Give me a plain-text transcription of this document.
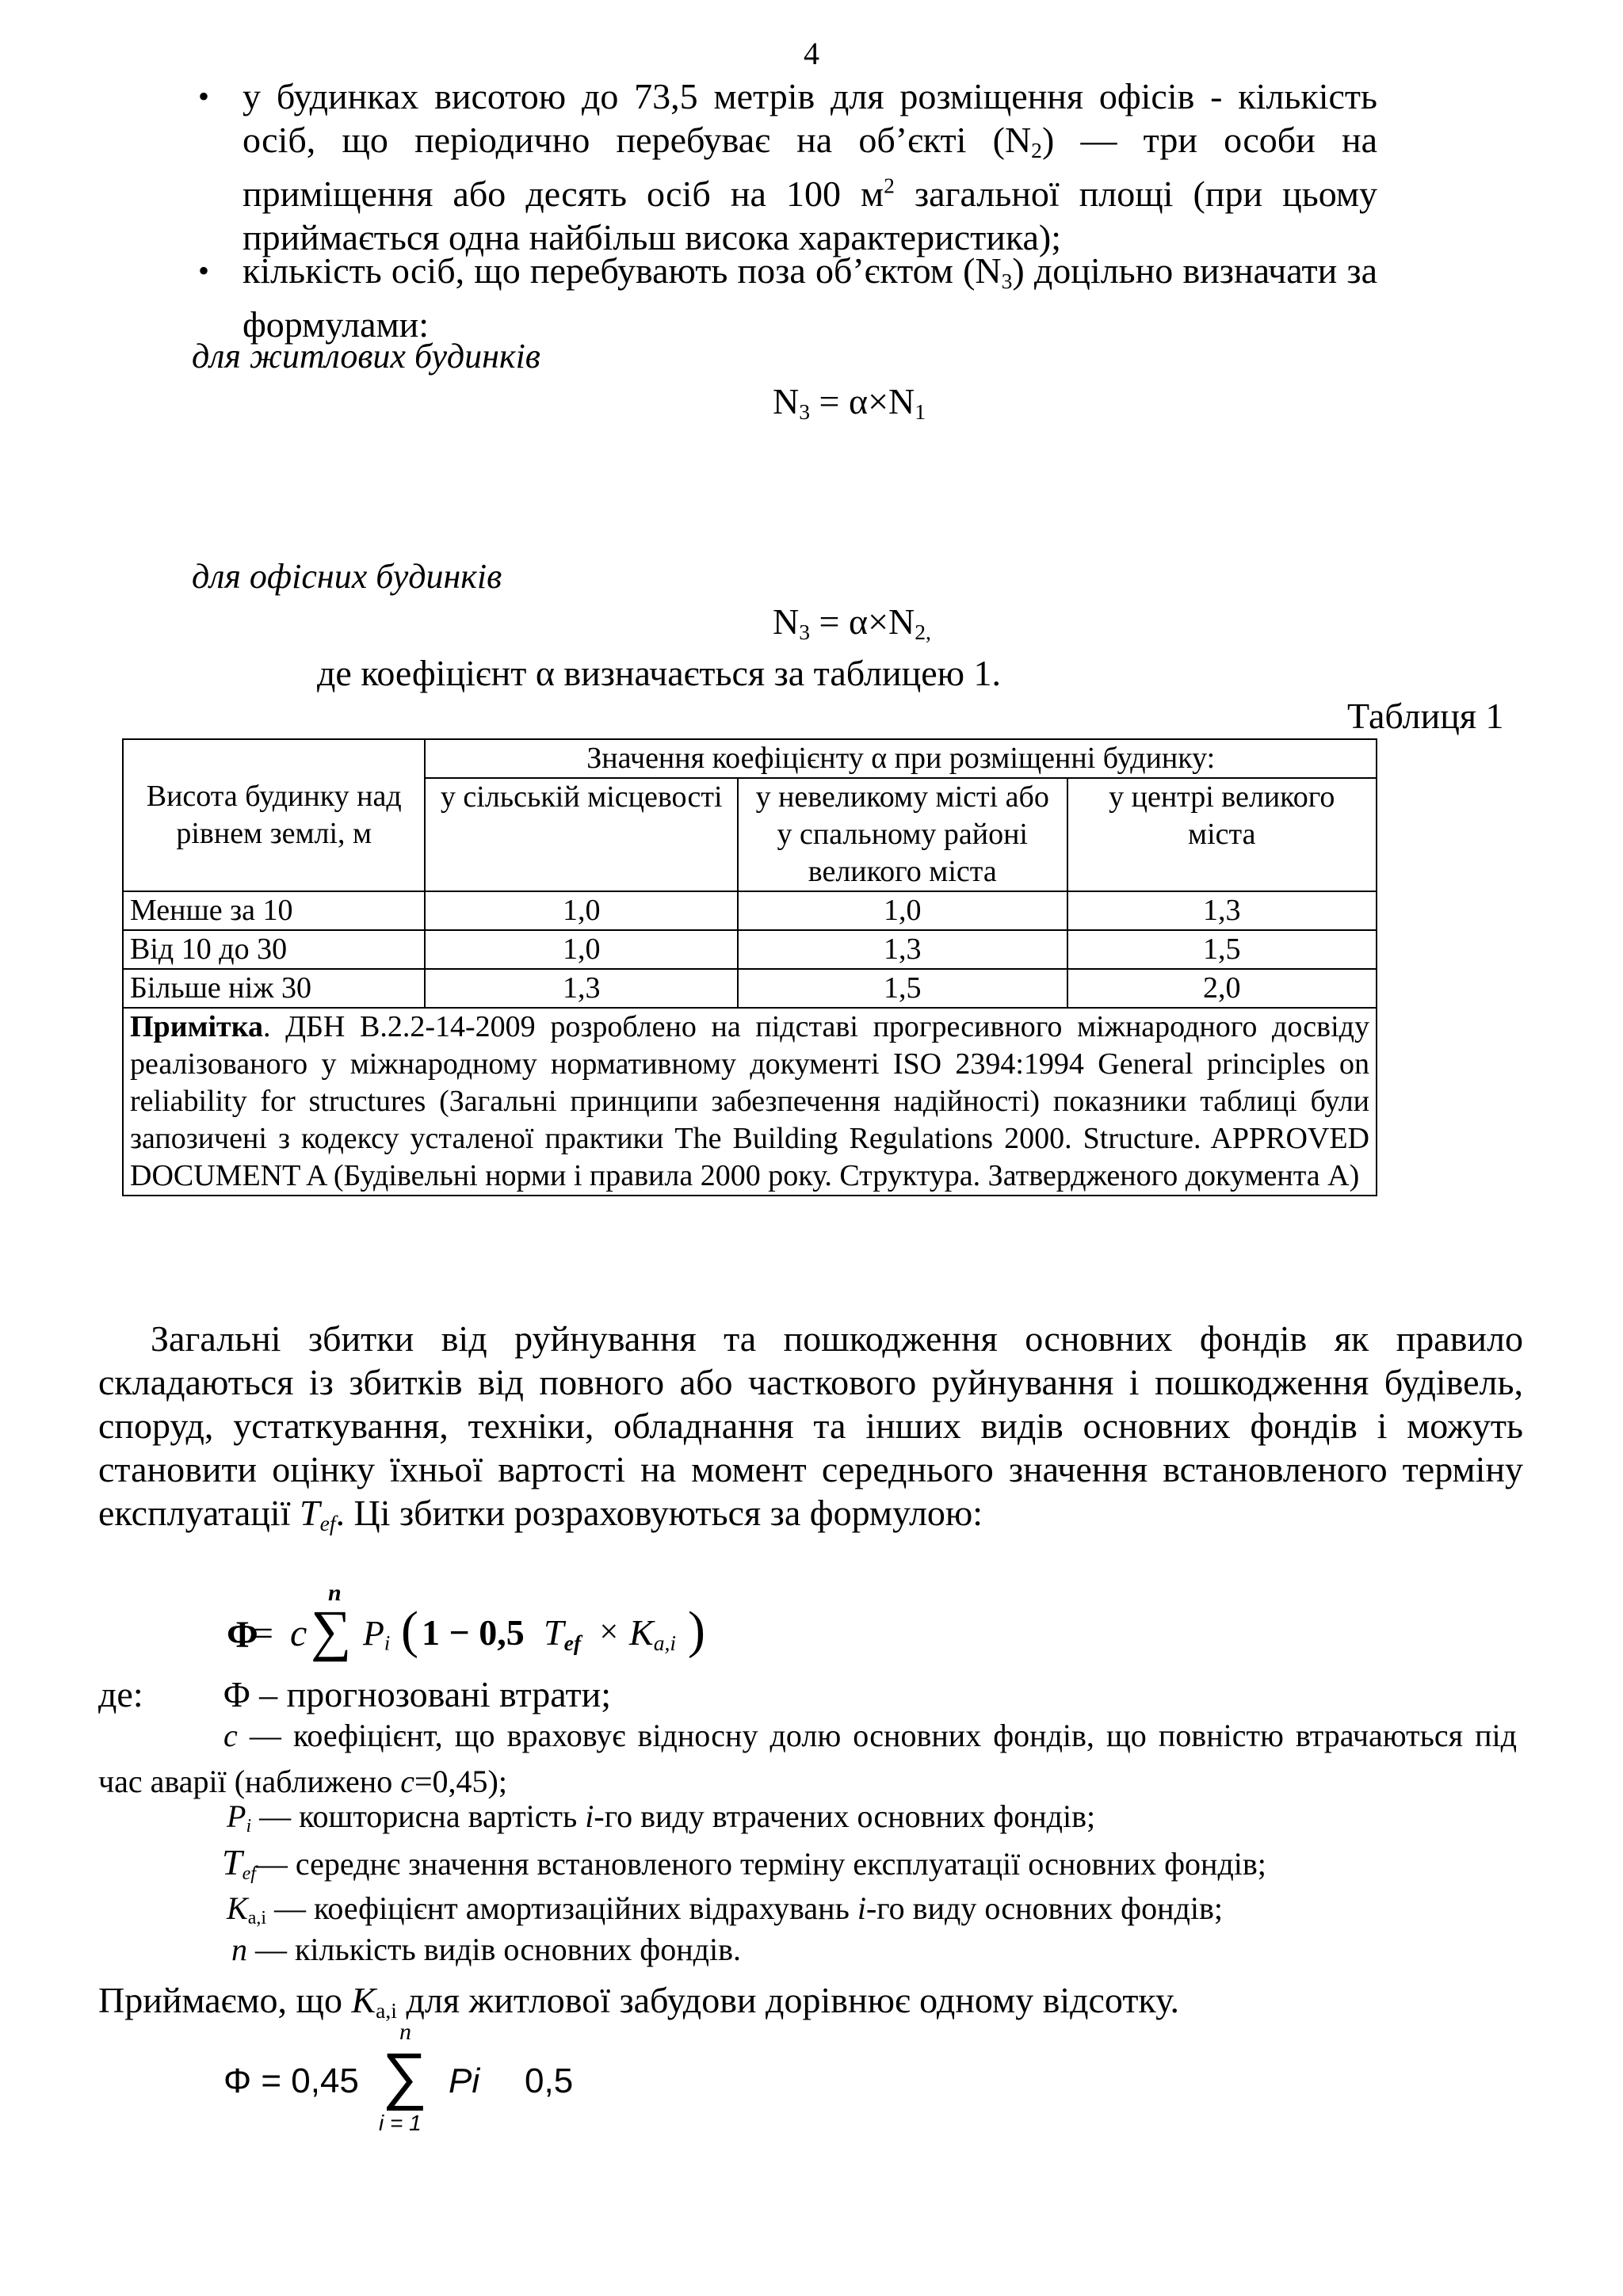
4
• у будинках висотою до 73,5 метрів для розміщення офісів - кількість осіб, що періодично перебуває на об’єкті $(N_2)$ — три особи на приміщення або десять осіб на 100 $м^2$ загальної площі (при цьому приймається одна найбільш висока характеристика);
• кількість осіб, що перебувають поза об’єктом $(N_3)$ доцільно визначати за формулами:
для житлових будинків
$N_3 = \alpha\times N_1$
для офісних будинків
$N_3 = \alpha\times N_{2,}$
де коефіцієнт α визначається за таблицею 1.
Таблиця 1
Висота будинку над рівнем землі, м	Значення коефіцієнту α при розміщенні будинку:		
	у сільській місцевості	у невеликому місті або у спальному районі великого міста	у центрі великого міста
Менше за 10	1,0	1,0	1,3
Від 10 до 30	1,0	1,3	1,5
Більше ніж 30	1,3	1,5	2,0
Примітка. ДБН В.2.2-14-2009 розроблено на підставі прогресивного міжнародного досвіду реалізованого у міжнародному нормативному документі ISO 2394:1994 General principles on reliability for structures (Загальні принципи забезпечення надійності) показники таблиці були запозичені з кодексу усталеної практики The Building Regulations 2000. Structure. APPROVED DOCUMENT A (Будівельні норми і правила 2000 року. Структура. Затвердженого документа А)			
Загальні збитки від руйнування та пошкодження основних фондів як правило складаються із збитків від повного або часткового руйнування і пошкодження будівель, споруд, устаткування, техніки, обладнання та інших видів основних фондів і можуть становити оцінку їхньої вартості на момент середнього значення встановленого терміну експлуатації $T_{ef}$. Ці збитки розраховуються за формулою:
Φ
= c
n
∑ $P_i$ ( 1 − 0,5 $T_{ef} \times K_{a,i}$ )
де: Φ – прогнозовані втрати;
c — коефіцієнт, що враховує відносну долю основних фондів, що повністю втрачаються під час аварії (наближено c=0,45);
$P_i$ — кошторисна вартість i-го виду втрачених основних фондів;
$T_{ef}—$ середнє значення встановленого терміну експлуатації основних фондів;
$K_{a,i}$ — коефіцієнт амортизаційних відрахувань i-го виду основних фондів;
n — кількість видів основних фондів.
Приймаємо, що $K_{a,i}$ для житлової забудови дорівнює одному відсотку.
Φ = 0,45
n
∑
i = 1
Pi 0,5
